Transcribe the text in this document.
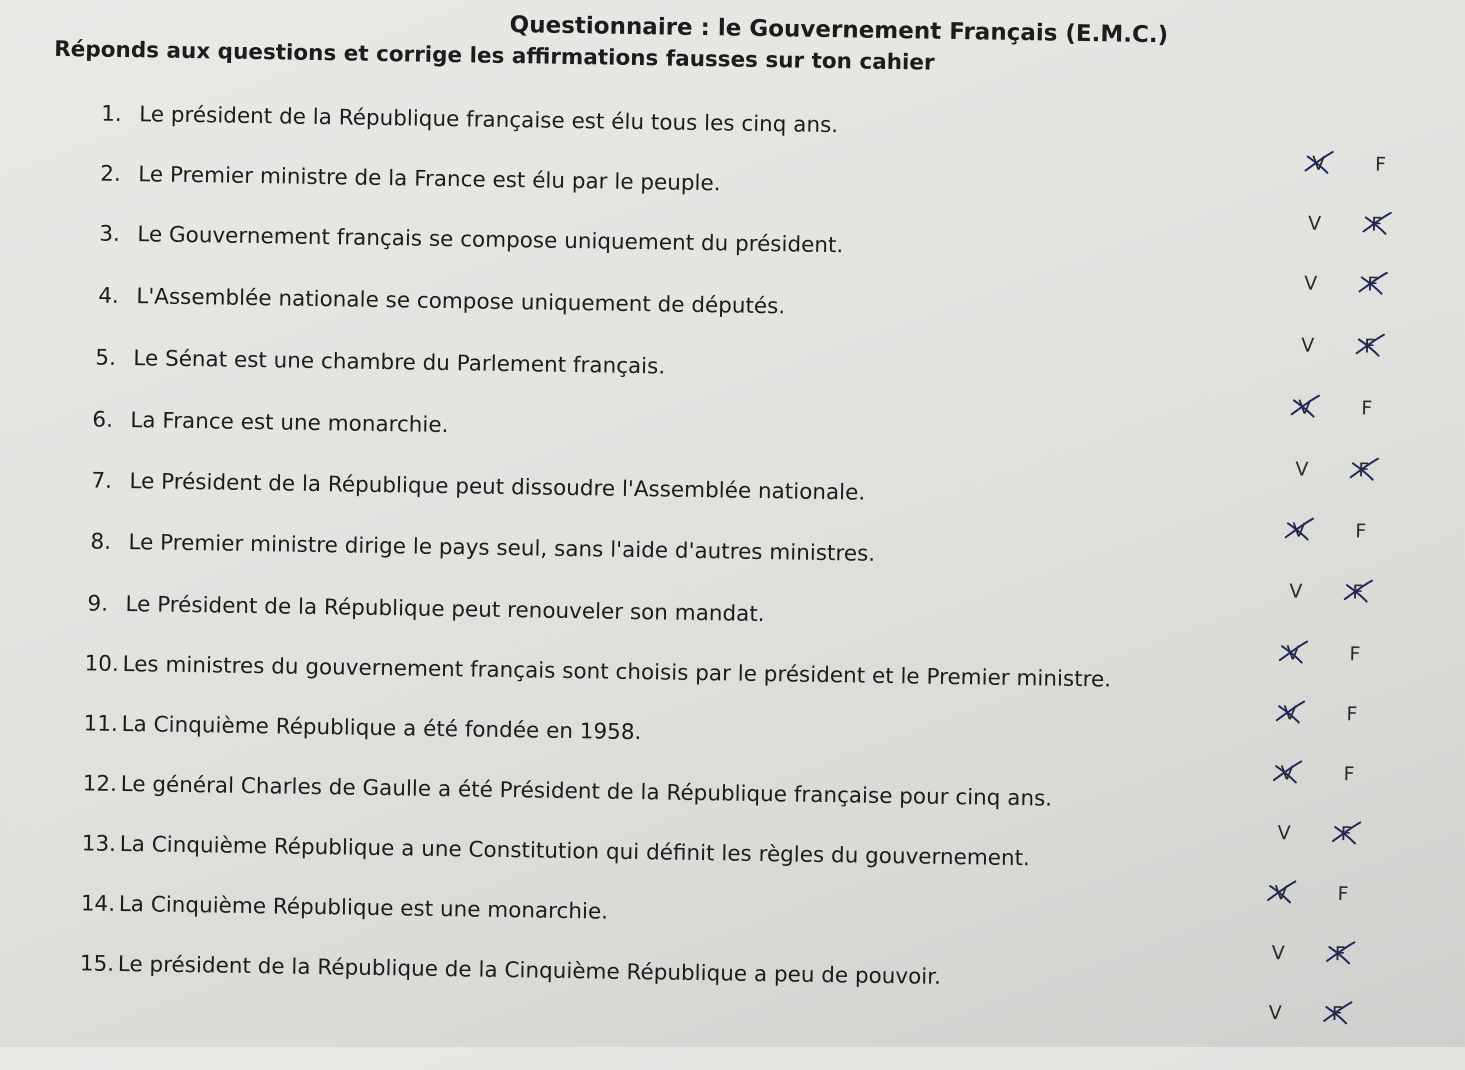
Questionnaire : le Gouvernement Français (E.M.C.)
Réponds aux questions et corrige les affirmations fausses sur ton cahier
1. Le président de la République française est élu tous les cinq ans.
V	F
2. Le Premier ministre de la France est élu par le peuple.
V	F
3. Le Gouvernement français se compose uniquement du président.
V	F
4. L'Assemblée nationale se compose uniquement de députés.
V	F
5. Le Sénat est une chambre du Parlement français.
V	F
6. La France est une monarchie.
V	F
7. Le Président de la République peut dissoudre l'Assemblée nationale.
V	F
8. Le Premier ministre dirige le pays seul, sans l'aide d'autres ministres.
V	F
9. Le Président de la République peut renouveler son mandat.
V	F
10. Les ministres du gouvernement français sont choisis par le président et le Premier ministre.
V	F
11. La Cinquième République a été fondée en 1958.
V	F
12. Le général Charles de Gaulle a été Président de la République française pour cinq ans.
V	F
13. La Cinquième République a une Constitution qui définit les règles du gouvernement.
V	F
14. La Cinquième République est une monarchie.
V	F
15. Le président de la République de la Cinquième République a peu de pouvoir.
V	F
